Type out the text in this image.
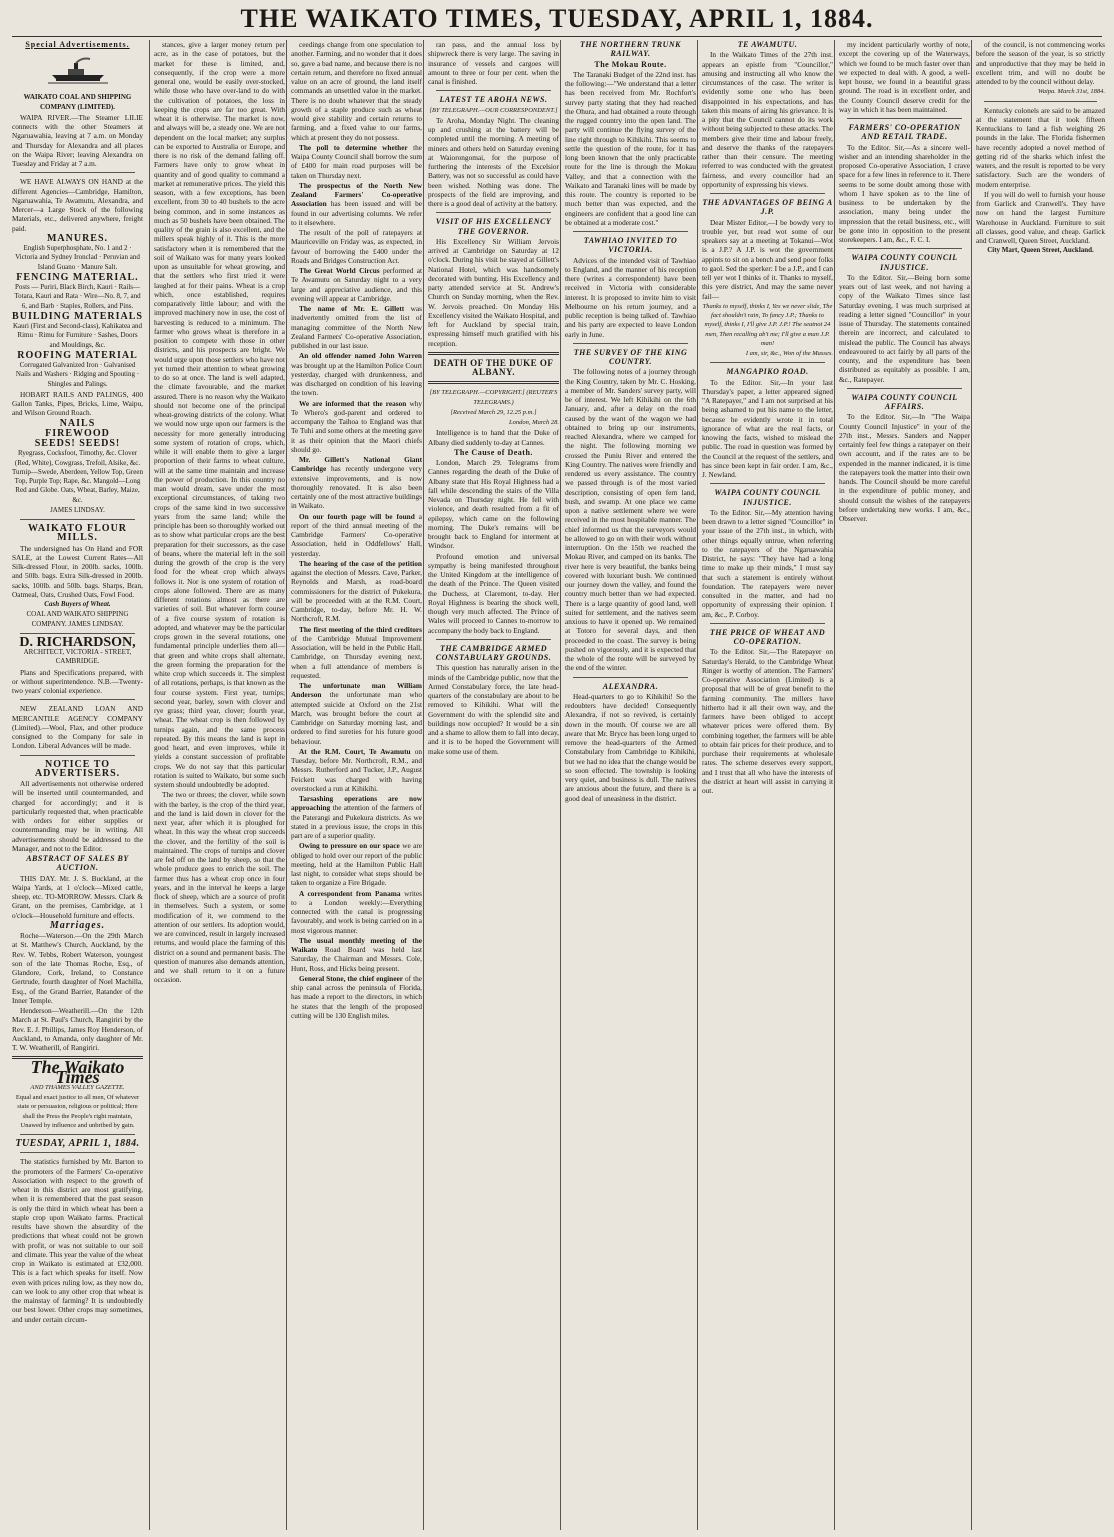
THE WAIKATO TIMES, TUESDAY, APRIL 1, 1884.

Special Advertisements.

WAIKATO COAL AND SHIPPING COMPANY (LIMITED).

WAIPA RIVER.—The Steamer LILIE connects with the other Steamers at Ngaruawahia, leaving at 7 a.m. on Monday and Thursday for Alexandra and all places on the Waipa River; leaving Alexandra on Tuesday and Friday at 7 a.m.

WE HAVE ALWAYS ON HAND at the different Agencies—Cambridge, Hamilton, Ngaruawahia, Te Awamutu, Alexandra, and Mercer—a Large Stock of the following Materials, etc., delivered anywhere, freight paid.

MANURES.

English Superphosphate, No. 1 and 2 · Victoria and Sydney Ironclad · Peruvian and Island Guano · Manure Salt.

FENCING MATERIAL.

Posts — Puriri, Black Birch, Kauri · Rails—Totara, Kauri and Rata · Wire—No. 8, 7, and 6, and Barb · Staples, Rollers, and Pins.

BUILDING MATERIALS

Kauri (First and Second-class), Kahikatea and Rimu · Rimu for Furniture · Sashes, Doors and Mouldings, &c.

ROOFING MATERIAL

Corrugated Galvanized Iron · Galvanised Nails and Washers · Ridging and Spouting · Shingles and Palings.

HOBART RAILS AND PALINGS, 400 Gallon Tanks, Pipes, Bricks, Lime, Waipu, and Wilson Ground Roach.

NAILS

FIREWOOD

SEEDS! SEEDS!

Ryegrass, Cocksfoot, Timothy, &c. Clover (Red, White), Cowgrass, Trefoil, Alsike, &c. Turnip—Swede, Aberdeen, Yellow Top, Green Top, Purple Top; Rape, &c. Mangold—Long Red and Globe. Oats, Wheat, Barley, Maize, &c.

JAMES LINDSAY.

WAIKATO FLOUR MILLS.

The undersigned has On Hand and FOR SALE, at the Lowest Current Rates—All Silk-dressed Flour, in 200lb. sacks, 100lb. and 50lb. bags. Extra Silk-dressed in 200lb. sacks, 100lb. and 50lb. bags. Sharps, Bran, Oatmeal, Oats, Crushed Oats, Fowl Food.

Cash Buyers of Wheat.

COAL AND WAIKATO SHIPPING COMPANY. JAMES LINDSAY.

D. RICHARDSON,

ARCHITECT, VICTORIA - STREET, CAMBRIDGE.

Plans and Specifications prepared, with or without superintendence. N.B.—Twenty-two years' colonial experience.

NEW ZEALAND LOAN AND MERCANTILE AGENCY COMPANY (Limited).—Wool, Flax, and other produce consigned to the Company for sale in London. Liberal Advances will be made.

NOTICE TO ADVERTISERS.

All advertisements not otherwise ordered will be inserted until countermanded, and charged for accordingly; and it is particularly requested that, when practicable with orders for either supplies or countermanding may be in writing. All advertisements should be addressed to the Manager, and not to the Editor.

ABSTRACT OF SALES BY AUCTION.

THIS DAY. Mr. J. S. Buckland, at the Waipa Yards, at 1 o'clock—Mixed cattle, sheep, etc. TO-MORROW. Messrs. Clark & Grant, on the premises, Cambridge, at 1 o'clock—Household furniture and effects.

Marriages.

Roche—Waterson.—On the 29th March at St. Matthew's Church, Auckland, by the Rev. W. Tebbs, Robert Waterson, youngest son of the late Thomas Roche, Esq., of Glandore, Cork, Ireland, to Constance Gertrude, fourth daughter of Noel Machilla, Esq., of the Grand Barrier, Ratander of the Inner Temple.

Henderson—Weatherill.—On the 12th March at St. Paul's Church, Rangiriri by the Rev. E. J. Phillips, James Roy Henderson, of Auckland, to Amanda, only daughter of Mr. T. W. Weatherill, of Rangiriri.

The Waikato Times

AND THAMES VALLEY GAZETTE.

Equal and exact justice to all men, Of whatever state or persuasion, religious or political; Here shall the Press the People's right maintain, Unawed by influence and unbribed by gain.

TUESDAY, APRIL 1, 1884.

The statistics furnished by Mr. Barton to the promoters of the Farmers' Co-operative Association with respect to the growth of wheat in this district are most gratifying, when it is remembered that the past season is only the third in which wheat has been a staple crop upon Waikato farms. Practical results have shown the absurdity of the predictions that wheat could not be grown with profit, or was not suitable to our soil and climate. This year the value of the wheat crop in Waikato is estimated at £32,000. This is a fact which speaks for itself. Now even with prices ruling low, as they now do, can we look to any other crop that wheat is the mainstay of farming? It is undoubtedly our best lower. Other crops may sometimes, and under certain circum-

stances, give a larger money return per acre, as in the case of potatoes, but the market for these is limited, and, consequently, if the crop were a more general one, would be easily over-stocked, while those who have over-land to do with the cultivation of potatoes, the loss in keeping the crops are far too great. With wheat it is otherwise. The market is now, and always will be, a steady one. We are not dependent on the local market; any surplus can be exported to Australia or Europe, and there is no risk of the demand falling off. Farmers have only to grow wheat in quantity and of good quality to command a market at remunerative prices. The yield this season, with a few exceptions, has been excellent, from 30 to 40 bushels to the acre being common, and in some instances as much as 50 bushels have been obtained. The quality of the grain is also excellent, and the millers speak highly of it. This is the more satisfactory when it is remembered that the soil of Waikato was for many years looked upon as unsuitable for wheat growing, and that the settlers who first tried it were laughed at for their pains. Wheat is a crop which, once established, requires comparatively little labour; and with the improved machinery now in use, the cost of harvesting is reduced to a minimum. The farmer who grows wheat is therefore in a position to compete with those in other districts, and his prospects are bright. We would urge upon those settlers who have not yet turned their attention to wheat growing to do so at once. The land is well adapted, the climate favourable, and the market assured. There is no reason why the Waikato should not become one of the principal wheat-growing districts of the colony. What we would now urge upon our farmers is the necessity for more generally introducing some system of rotation of crops, which, while it will enable them to give a larger proportion of their farms to wheat culture, will at the same time maintain and increase the power of production. In this country no man would dream, save under the most exceptional circumstances, of taking two crops of the same kind in two successive years from the same land; while the principle has been so thoroughly worked out as to show what particular crops are the best preparation for their successors, as the case of beans, where the material left in the soil during the growth of the crop is the very food for the wheat crop which always follows it. Nor is one system of rotation of crops alone followed. There are as many different rotations almost as there are varieties of soil. But whatever form course of a five course system of rotation is adopted, and whatever may be the particular crops grown in the several rotations, one fundamental principle underlies them all—that green and white crops shall alternate, the green forming the preparation for the white crop which succeeds it. The simplest of all rotations, perhaps, is that known as the four course system. First year, turnips; second year, barley, sown with clover and rye grass; third year, clover; fourth year, wheat. The wheat crop is then followed by turnips again, and the same process repeated. By this means the land is kept in good heart, and even improves, while it yields a constant succession of profitable crops. We do not say that this particular rotation is suited to Waikato, but some such system should undoubtedly be adopted.

The two or threes; the clover, while sown with the barley, is the crop of the third year, and the land is laid down in clover for the next year, after which it is ploughed for wheat. In this way the wheat crop succeeds the clover, and the fertility of the soil is maintained. The crops of turnips and clover are fed off on the land by sheep, so that the whole produce goes to enrich the soil. The farmer thus has a wheat crop once in four years, and in the interval he keeps a large flock of sheep, which are a source of profit in themselves. Such a system, or some modification of it, we commend to the attention of our settlers. Its adoption would, we are convinced, result in largely increased returns, and would place the farming of this district on a sound and permanent basis. The question of manures also demands attention, and we shall return to it on a future occasion.

ceedings change from one speculation to another. Farming, and no wonder that it does so, gave a bad name, and because there is no certain return, and therefore no fixed annual value on an acre of ground, the land itself commands an unsettled value in the market. There is no doubt whatever that the steady growth of a staple produce such as wheat would give stability and certain returns to farming, and a fixed value to our farms, which at present they do not possess.

The poll to determine whether the Waipa County Council shall borrow the sum of £400 for main road purposes will be taken on Thursday next.

The prospectus of the North New Zealand Farmers' Co-operative Association has been issued and will be found in our advertising columns. We refer to it elsewhere.

The result of the poll of ratepayers at Mauriceville on Friday was, as expected, in favour of borrowing the £400 under the Roads and Bridges Construction Act.

The Great World Circus performed at Te Awamutu on Saturday night to a very large and appreciative audience, and this evening will appear at Cambridge.

The name of Mr. E. Gillett was inadvertently omitted from the list of managing committee of the North New Zealand Farmers' Co-operative Association, published in our last issue.

An old offender named John Warren was brought up at the Hamilton Police Court yesterday, charged with drunkenness, and was discharged on condition of his leaving the town.

We are informed that the reason why Te Whero's god-parent and ordered to accompany the Taihoa to England was that Te Tuhi and some others at the meeting gave it as their opinion that the Maori chiefs should go.

Mr. Gillett's National Giant Cambridge has recently undergone very extensive improvements, and is now thoroughly renovated. It is also been certainly one of the most attractive buildings in Waikato.

On our fourth page will be found a report of the third annual meeting of the Cambridge Farmers' Co-operative Association, held in Oddfellows' Hall, yesterday.

The hearing of the case of the petition against the election of Messrs. Cave, Parker, Reynolds and Marsh, as road-board commissioners for the district of Pukekura, will be proceeded with at the R.M. Court, Cambridge, to-day, before Mr. H. W. Northcroft, R.M.

The first meeting of the third creditors of the Cambridge Mutual Improvement Association, will be held in the Public Hall, Cambridge, on Thursday evening next, when a full attendance of members is requested.

The unfortunate man William Anderson the unfortunate man who attempted suicide at Oxford on the 21st March, was brought before the court at Cambridge on Saturday morning last, and ordered to find sureties for his future good behaviour.

At the R.M. Court, Te Awamutu on Tuesday, before Mr. Northcroft, R.M., and Messrs. Rutherford and Tucker, J.P., August Feickett was charged with having overstocked a run at Kihikihi.

Tarsashing operations are now approaching the attention of the farmers of the Paterangi and Pukekura districts. As we stated in a previous issue, the crops in this part are of a superior quality.

Owing to pressure on our space we are obliged to hold over our report of the public meeting, held at the Hamilton Public Hall last night, to consider what steps should be taken to organize a Fire Brigade.

A correspondent from Panama writes to a London weekly:—Everything connected with the canal is progressing favourably, and work is being carried on in a most vigorous manner.

The usual monthly meeting of the Waikato Road Board was held last Saturday, the Chairman and Messrs. Cole, Hunt, Ross, and Hicks being present.

General Stone, the chief engineer of the ship canal across the peninsula of Florida, has made a report to the directors, in which he states that the length of the proposed cutting will be 130 English miles.

ran pass, and the annual loss by shipwreck there is very large. The saving in insurance of vessels and cargoes will amount to three or four per cent. when the canal is finished.

LATEST TE AROHA NEWS.

[BY TELEGRAPH.—OUR CORRESPONDENT.]

Te Aroha, Monday Night. The cleaning up and crushing at the battery will be completed until the morning. A meeting of miners and others held on Saturday evening at Waiorongomai, for the purpose of furthering the interests of the Excelsior Battery, was not so successful as could have been wished. Nothing was done. The prospects of the field are improving, and there is a good deal of activity at the battery.

VISIT OF HIS EXCELLENCY THE GOVERNOR.

His Excellency Sir William Jervois arrived at Cambridge on Saturday at 12 o'clock. During his visit he stayed at Gillett's National Hotel, which was handsomely decorated with bunting. His Excellency and party attended service at St. Andrew's Church on Sunday morning, when the Rev. W. Jervois preached. On Monday His Excellency visited the Waikato Hospital, and left for Auckland by special train, expressing himself much gratified with his reception.

DEATH OF THE DUKE OF ALBANY.

[BY TELEGRAPH.—COPYRIGHT.] (REUTER'S TELEGRAMS.)

[Received March 29, 12.25 p.m.]

London, March 28.

Intelligence is to hand that the Duke of Albany died suddenly to-day at Cannes.

The Cause of Death.

London, March 29. Telegrams from Cannes regarding the death of the Duke of Albany state that His Royal Highness had a fall while descending the stairs of the Villa Nevada on Thursday night. He fell with violence, and death resulted from a fit of epilepsy, which came on the following morning. The Duke's remains will be brought back to England for interment at Windsor.

Profound emotion and universal sympathy is being manifested throughout the United Kingdom at the intelligence of the death of the Prince. The Queen visited the Duchess, at Claremont, to-day. Her Royal Highness is bearing the shock well, though very much affected. The Prince of Wales will proceed to Cannes to-morrow to accompany the body back to England.

THE CAMBRIDGE ARMED CONSTABULARY GROUNDS.

This question has naturally arisen in the minds of the Cambridge public, now that the Armed Constabulary force, the late head-quarters of the constabulary are about to be removed to Kihikihi. What will the Government do with the splendid site and buildings now occupied? It would be a sin and a shame to allow them to fall into decay, and it is to be hoped the Government will make some use of them.

THE NORTHERN TRUNK RAILWAY.

The Mokau Route.

The Taranaki Budget of the 22nd inst. has the following:—"We understand that a letter has been received from Mr. Rochfort's survey party stating that they had reached the Ohura, and had obtained a route through the rugged country into the open land. The party will continue the flying survey of the line right through to Kihikihi. This seems to settle the question of the route, for it has long been known that the only practicable route for the line is through the Mokau Valley, and that a connection with the Waikato and Taranaki lines will be made by this route. The country is reported to be much better than was expected, and the engineers are confident that a good line can be obtained at a moderate cost."

TAWHIAO INVITED TO VICTORIA.

Advices of the intended visit of Tawhiao to England, and the manner of his reception there (writes a correspondent) have been received in Victoria with considerable interest. It is proposed to invite him to visit Melbourne on his return journey, and a public reception is being talked of. Tawhiao and his party are expected to leave London early in June.

THE SURVEY OF THE KING COUNTRY.

The following notes of a journey through the King Country, taken by Mr. C. Hosking, a member of Mr. Sanders' survey party, will be of interest. We left Kihikihi on the 6th January, and, after a delay on the road caused by the want of the wagon we had obtained to bring up our instruments, reached Alexandra, where we camped for the night. The following morning we crossed the Puniu River and entered the King Country. The natives were friendly and rendered us every assistance. The country we passed through is of the most varied description, consisting of open fern land, bush, and swamp. At one place we came upon a native settlement where we were received in the most hospitable manner. The chief informed us that the surveyors would be allowed to go on with their work without interruption. On the 15th we reached the Mokau River, and camped on its banks. The river here is very beautiful, the banks being covered with luxuriant bush. We continued our journey down the valley, and found the country much better than we had expected. There is a large quantity of good land, well suited for settlement, and the natives seem anxious to have it opened up. We remained at Totoro for several days, and then proceeded to the coast. The survey is being pushed on vigorously, and it is expected that the whole of the route will be surveyed by the end of the winter.

ALEXANDRA.

Head-quarters to go to Kihikihi! So the redoubters have decided! Consequently Alexandra, if not so revived, is certainly down in the mouth. Of course we are all aware that Mr. Bryce has been long urged to remove the head-quarters of the Armed Constabulary from Cambridge to Kihikihi, but we had no idea that the change would be so soon effected. The township is looking very quiet, and business is dull. The natives are anxious about the future, and there is a good deal of uneasiness in the district.

TE AWAMUTU.

In the Waikato Times of the 27th inst. appears an epistle from "Councillor," amusing and instructing all who know the circumstances of the case. The writer is evidently some one who has been disappointed in his expectations, and has taken this means of airing his grievance. It is a pity that the Council cannot do its work without being subjected to these attacks. The members give their time and labour freely, and deserve the thanks of the ratepayers rather than their censure. The meeting referred to was conducted with the greatest fairness, and every councillor had an opportunity of expressing his views.

THE ADVANTAGES OF BEING A J.P.

Dear Mister Editor,—I be bowdy very to trouble yer, but read wot some of our speakers say at a meeting at Tokanui—Wot is a J.P.? A J.P. is wot the government appints to sit on a bench and send poor folks to gaol. Sed the sperker: I be a J.P., and I can tell yer wot I thinks of it. Thanks to myself, this yere district, And may the same never fail—

Thanks to myself, thinks I, Yes we never slide, The fact shouldn't rain, To fancy J.P.; Thanks to myself, thinks I, I'll give J.P. J.P.! The seatnot 24 men, Then recalling ab't me; I'll give a man J.P. man!

I am, sir, &c., Won of the Masses.

MANGAPIKO ROAD.

To the Editor. Sir,—In your last Thursday's paper, a letter appeared signed "A Ratepayer," and I am not surprised at his being ashamed to put his name to the letter, because he evidently wrote it in total ignorance of what are the real facts, or knowing the facts, wished to mislead the public. The road in question was formed by the Council at the request of the settlers, and has since been kept in fair order. I am, &c., J. Newland.

WAIPA COUNTY COUNCIL INJUSTICE.

To the Editor. Sir,—My attention having been drawn to a letter signed "Councillor" in your issue of the 27th inst., in which, with other things equally untrue, when referring to the ratepayers of the Ngaruawahia District, he says: "They have had a long time to make up their minds," I must say that such a statement is entirely without foundation. The ratepayers were never consulted in the matter, and had no opportunity of expressing their opinion. I am, &c., P. Corboy.

THE PRICE OF WHEAT AND CO-OPERATION.

To the Editor. Sir,—The Ratepayer on Saturday's Herald, to the Cambridge Wheat Ringer is worthy of attention. The Farmers' Co-operative Association (Limited) is a proposal that will be of great benefit to the farming community. The millers have hitherto had it all their own way, and the farmers have been obliged to accept whatever prices were offered them. By combining together, the farmers will be able to obtain fair prices for their produce, and to purchase their requirements at wholesale rates. The scheme deserves every support, and I trust that all who have the interests of the district at heart will assist in carrying it out.

my incident particularly worthy of note, except the covering up of the Waterways, which we found to be much faster over than we expected to deal with. A good, a well-kept house, we found in a beautiful grass ground. The road is in excellent order, and the County Council deserve credit for the way in which it has been maintained.

FARMERS' CO-OPERATION AND RETAIL TRADE.

To the Editor. Sir,—As a sincere well-wisher and an intending shareholder in the proposed Co-operative Association, I crave space for a few lines in reference to it. There seems to be some doubt among those with whom I have spoken as to the line of business to be undertaken by the association, many being under the impression that the retail business, etc., will be gone into in opposition to the present storekeepers. I am, &c., F. C. I.

WAIPA COUNTY COUNCIL INJUSTICE.

To the Editor. Sir,—Being born some years out of last week, and not having a copy of the Waikato Times since last Saturday evening, I was much surprised at reading a letter signed "Councillor" in your issue of Thursday. The statements contained therein are incorrect, and calculated to mislead the public. The Council has always endeavoured to act fairly by all parts of the county, and the expenditure has been distributed as equitably as possible. I am, &c., Ratepayer.

WAIPA COUNTY COUNCIL AFFAIRS.

To the Editor. Sir,—In "The Waipa County Council Injustice" in your of the 27th inst., Messrs. Sanders and Napper certainly feel few things a ratepayer on their own account, and if the rates are to be expended in the manner indicated, it is time the ratepayers took the matter into their own hands. The Council should be more careful in the expenditure of public money, and should consult the wishes of the ratepayers before undertaking new works. I am, &c., Observer.

of the council, is not commencing works before the season of the year, is so strictly and unproductive that they may be held in excellent trim, and will no doubt be attended to by the council without delay.

Waipa. March 31st, 1884.

Kentucky colonels are said to be amazed at the statement that it took fifteen Kentuckians to land a fish weighing 26 pounds in the lake. The Florida fishermen have recently adopted a novel method of getting rid of the sharks which infest the waters, and the result is reported to be very satisfactory. Such are the wonders of modern enterprise.

If you will do well to furnish your house from Garlick and Cranwell's. They have now on hand the largest Furniture Warehouse in Auckland. Furniture to suit all classes, good value, and cheap. Garlick and Cranwell, Queen Street, Auckland.

City Mart, Queen Street, Auckland.
